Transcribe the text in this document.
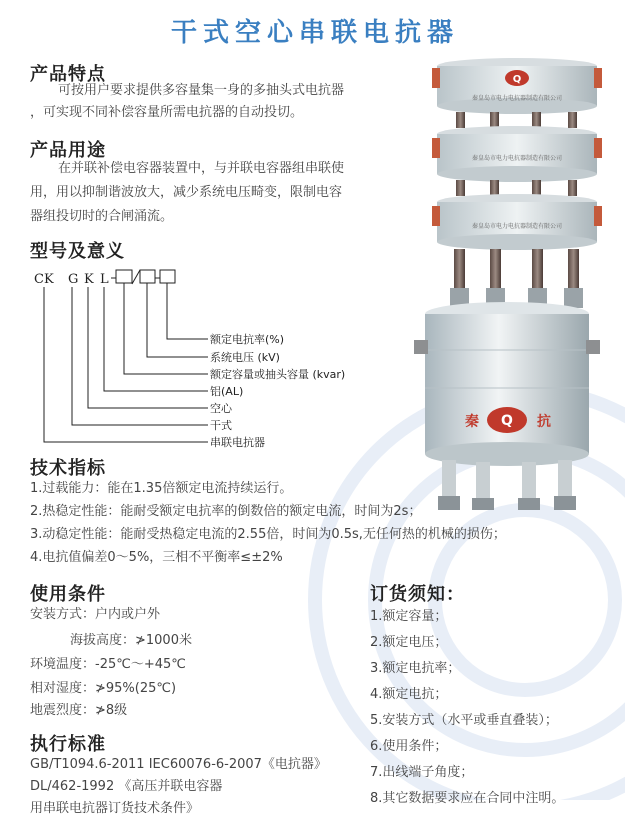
干式空心串联电抗器
产品特点
可按用户要求提供多容量集一身的多抽头式电抗器
，可实现不同补偿容量所需电抗器的自动投切。
产品用途
在并联补偿电容器装置中，与并联电容器组串联使
用，用以抑制谐波放大，减少系统电压畸变，限制电容
器组投切时的合闸涌流。
型号及意义
CK G K L
额定电抗率(%)
系统电压 (kV)
额定容量或抽头容量 (kvar)
铝(AL)
空心
干式
串联电抗器
技术指标
1.过载能力：能在1.35倍额定电流持续运行。
2.热稳定性能：能耐受额定电抗率的倒数倍的额定电流，时间为2s；
3.动稳定性能：能耐受热稳定电流的2.55倍，时间为0.5s,无任何热的机械的损伤；
4.电抗值偏差0～5%，三相不平衡率≤±2%
使用条件
安装方式：户内或户外
海拔高度：≯1000米
环境温度：-25℃～+45℃
相对湿度：≯95%(25℃)
地震烈度：≯8级
执行标准
GB/T1094.6-2011 IEC60076-6-2007《电抗器》
DL/462-1992 《高压并联电容器
用串联电抗器订货技术条件》
订货须知：
1.额定容量；
2.额定电压；
3.额定电抗率；
4.额定电抗；
5.安装方式（水平或垂直叠装）；
6.使用条件；
7.出线端子角度；
8.其它数据要求应在合同中注明。
Q
秦皇岛市电力电抗器制造有限公司
秦皇岛市电力电抗器制造有限公司
秦皇岛市电力电抗器制造有限公司
Q
秦	抗
